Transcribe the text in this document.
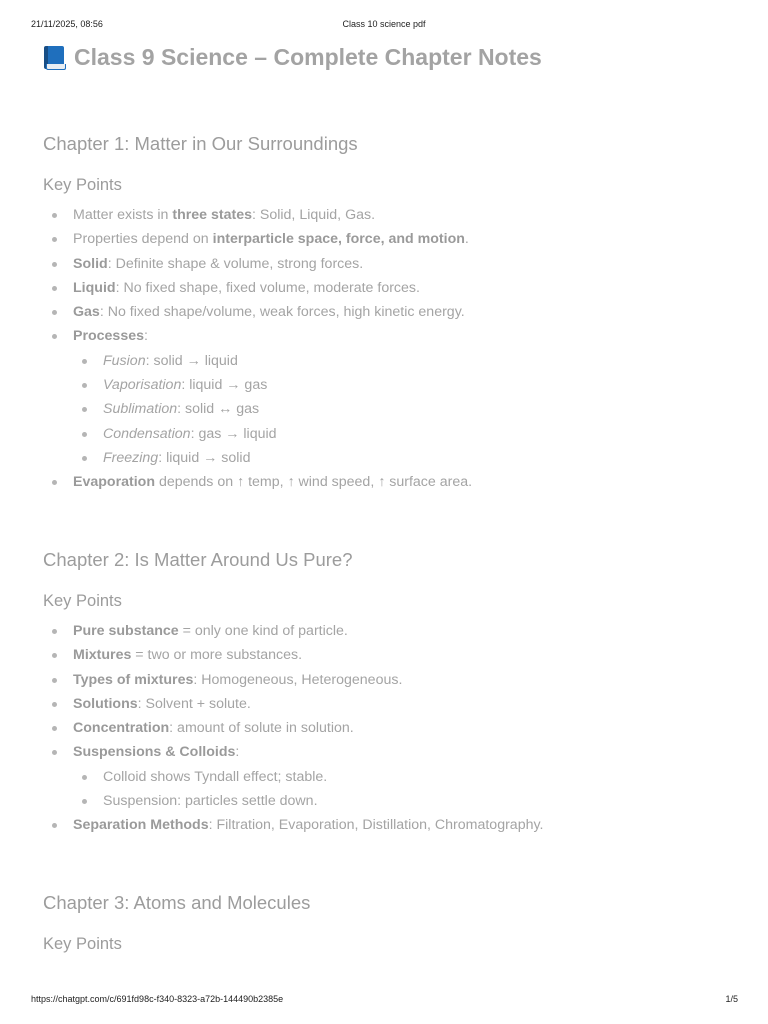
21/11/2025, 08:56	Class 10 science pdf
Class 9 Science – Complete Chapter Notes
Chapter 1: Matter in Our Surroundings
Key Points
Matter exists in three states: Solid, Liquid, Gas.
Properties depend on interparticle space, force, and motion.
Solid: Definite shape & volume, strong forces.
Liquid: No fixed shape, fixed volume, moderate forces.
Gas: No fixed shape/volume, weak forces, high kinetic energy.
Processes:
Fusion: solid → liquid
Vaporisation: liquid → gas
Sublimation: solid ↔ gas
Condensation: gas → liquid
Freezing: liquid → solid
Evaporation depends on ↑ temp, ↑ wind speed, ↑ surface area.
Chapter 2: Is Matter Around Us Pure?
Key Points
Pure substance = only one kind of particle.
Mixtures = two or more substances.
Types of mixtures: Homogeneous, Heterogeneous.
Solutions: Solvent + solute.
Concentration: amount of solute in solution.
Suspensions & Colloids:
Colloid shows Tyndall effect; stable.
Suspension: particles settle down.
Separation Methods: Filtration, Evaporation, Distillation, Chromatography.
Chapter 3: Atoms and Molecules
Key Points
https://chatgpt.com/c/691fd98c-f340-8323-a72b-144490b2385e	1/5
